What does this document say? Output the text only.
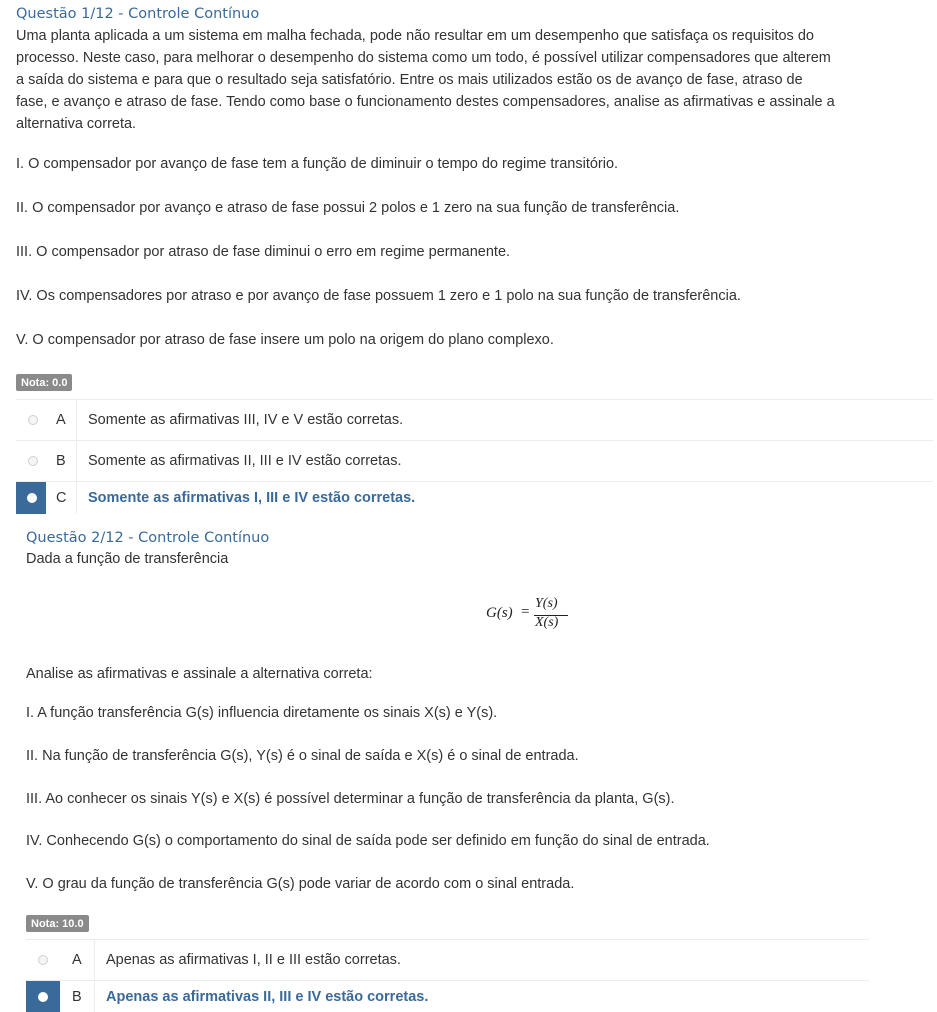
Questão 1/12 - Controle Contínuo

Uma planta aplicada a um sistema em malha fechada, pode não resultar em um desempenho que satisfaça os requisitos do

processo. Neste caso, para melhorar o desempenho do sistema como um todo, é possível utilizar compensadores que alterem

a saída do sistema e para que o resultado seja satisfatório. Entre os mais utilizados estão os de avanço de fase, atraso de

fase, e avanço e atraso de fase. Tendo como base o funcionamento destes compensadores, analise as afirmativas e assinale a

alternativa correta.

I. O compensador por avanço de fase tem a função de diminuir o tempo do regime transitório.
II. O compensador por avanço e atraso de fase possui 2 polos e 1 zero na sua função de transferência.
III. O compensador por atraso de fase diminui o erro em regime permanente.
IV. Os compensadores por atraso e por avanço de fase possuem 1 zero e 1 polo na sua função de transferência.
V. O compensador por atraso de fase insere um polo na origem do plano complexo.
Nota: 0.0
A	Somente as afirmativas III, IV e V estão corretas.
B	Somente as afirmativas II, III e IV estão corretas.
C	Somente as afirmativas I, III e IV estão corretas.
Questão 2/12 - Controle Contínuo
Dada a função de transferência
G(s) =
Y(s)
X(s)
Analise as afirmativas e assinale a alternativa correta:
I. A função transferência G(s) influencia diretamente os sinais X(s) e Y(s).
II. Na função de transferência G(s), Y(s) é o sinal de saída e X(s) é o sinal de entrada.
III. Ao conhecer os sinais Y(s) e X(s) é possível determinar a função de transferência da planta, G(s).
IV. Conhecendo G(s) o comportamento do sinal de saída pode ser definido em função do sinal de entrada.
V. O grau da função de transferência G(s) pode variar de acordo com o sinal entrada.
Nota: 10.0
A	Apenas as afirmativas I, II e III estão corretas.
B	Apenas as afirmativas II, III e IV estão corretas.
